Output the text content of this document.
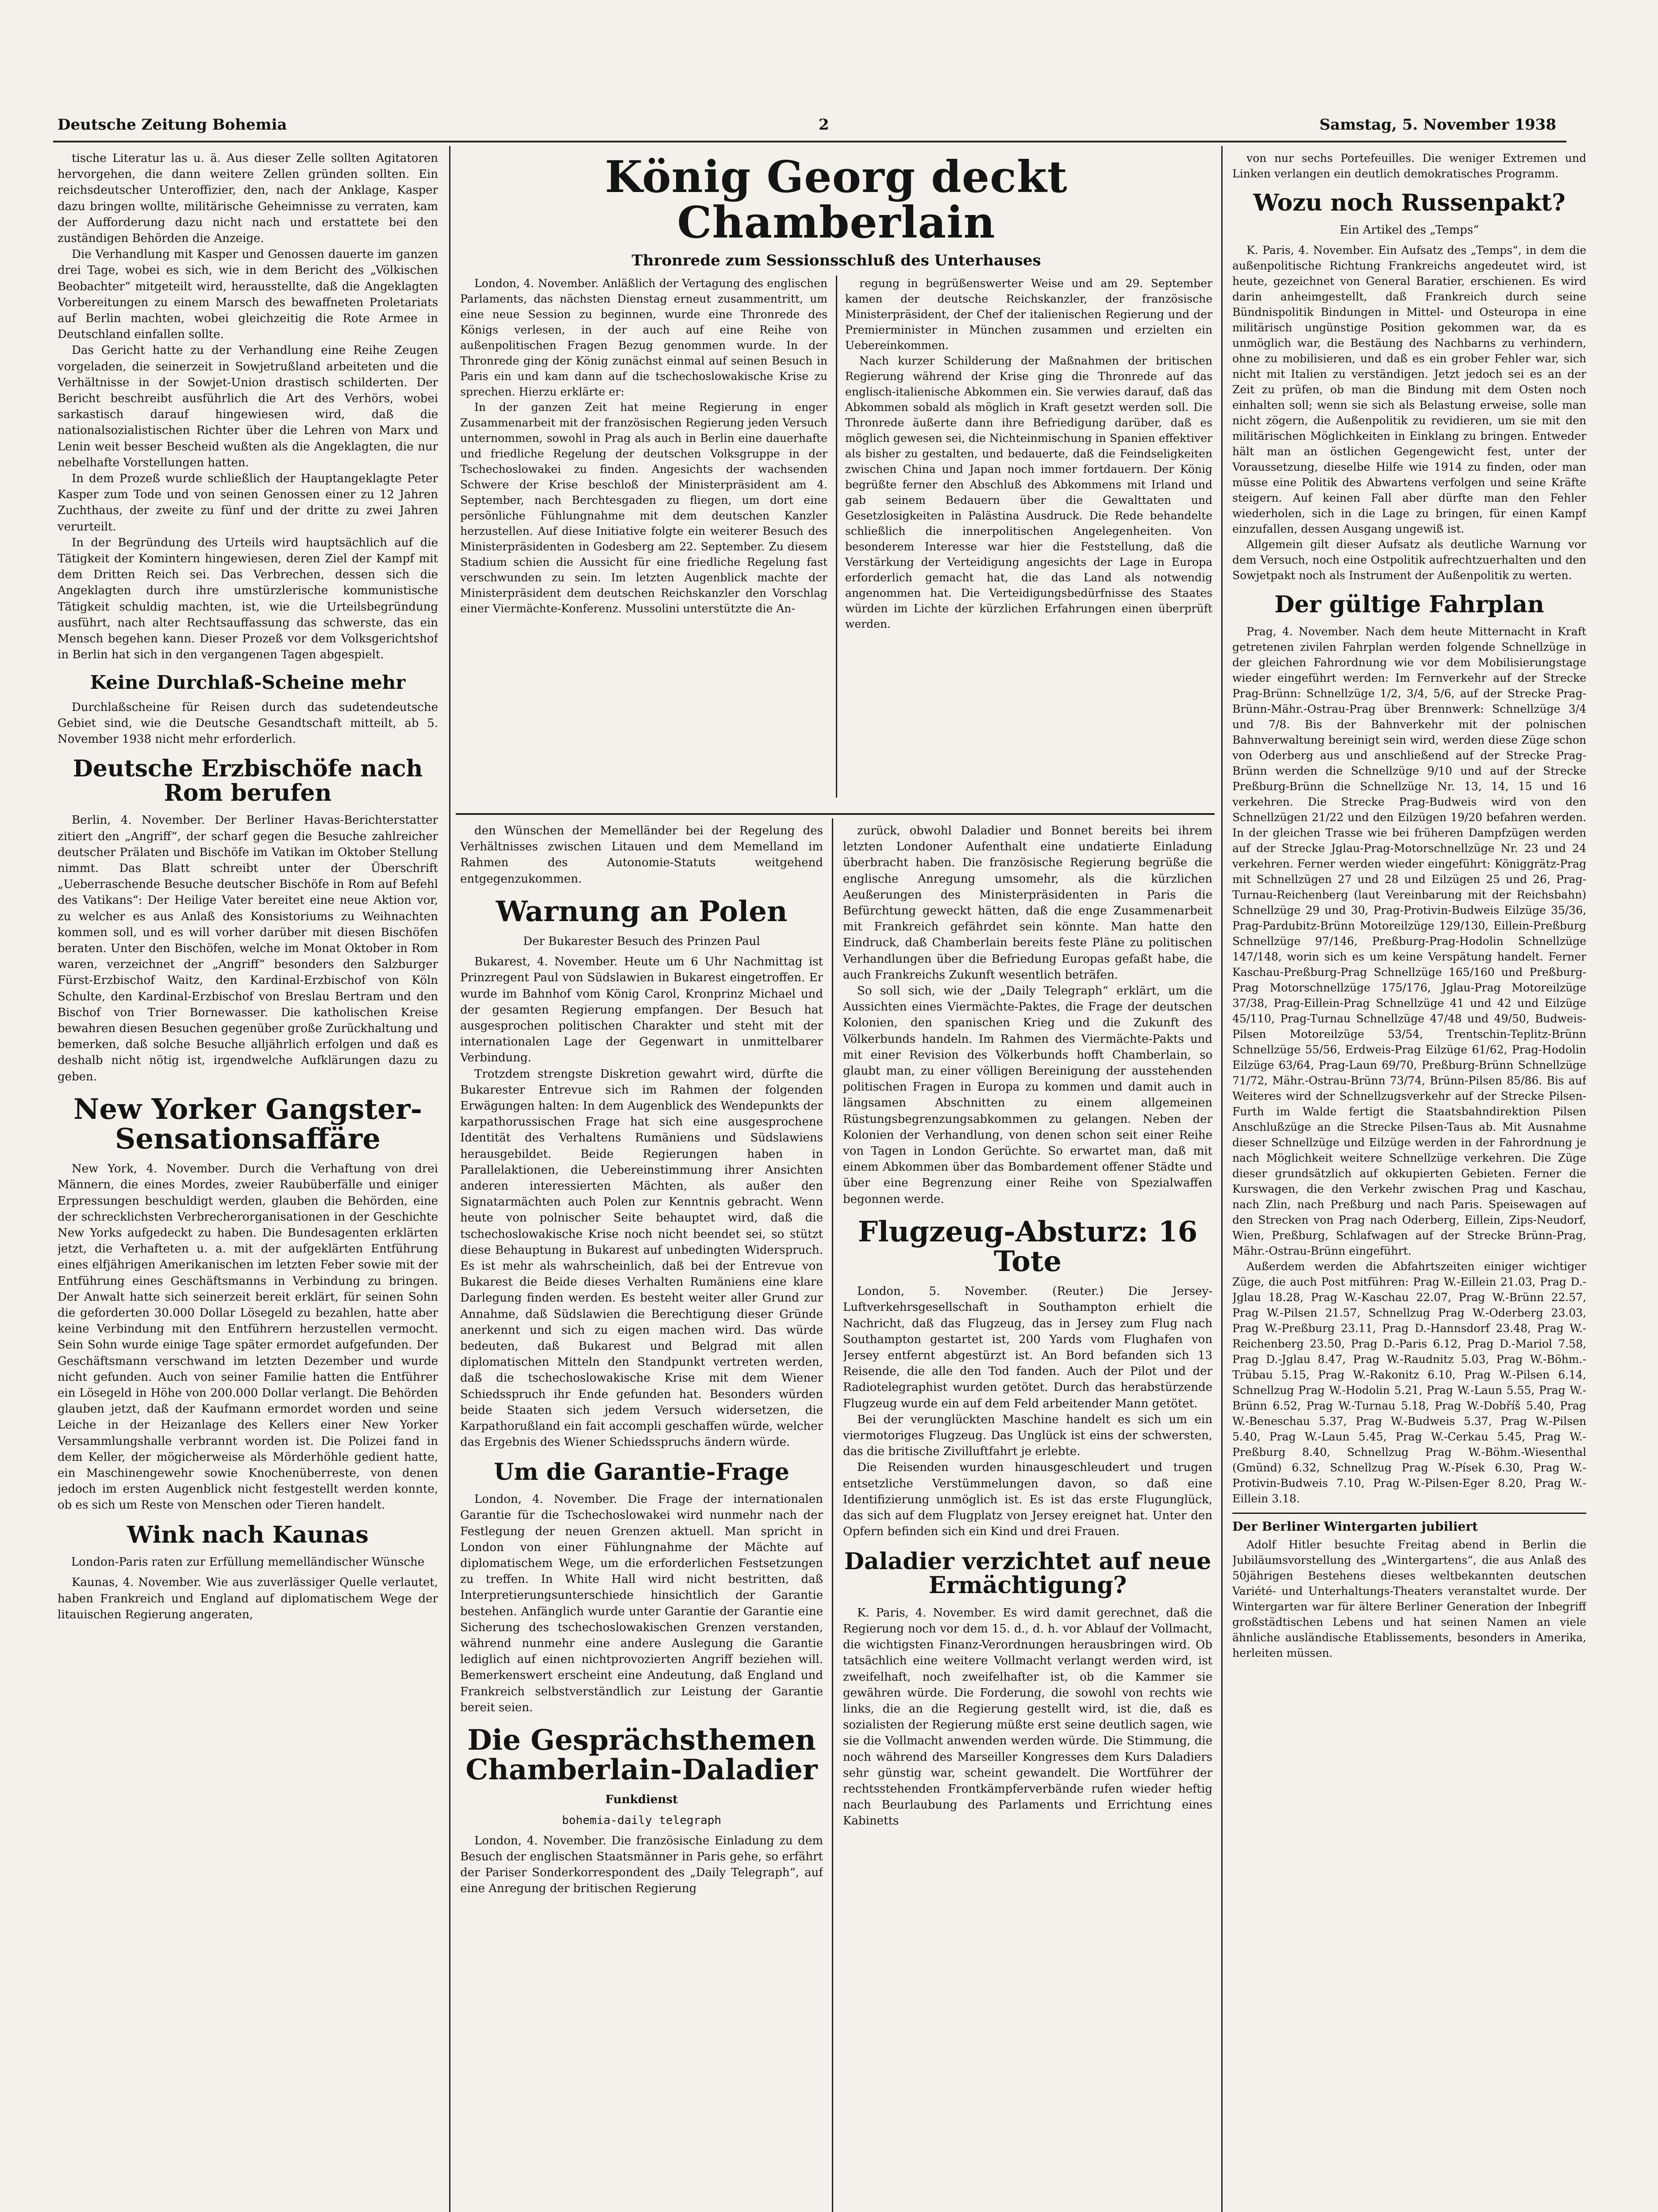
Deutsche Zeitung Bohemia	2	Samstag, 5. November 1938

tische Literatur las u. ä. Aus dieser Zelle sollten Agitatoren hervorgehen, die dann weitere Zellen gründen sollten. Ein reichsdeutscher Unteroffizier, den, nach der Anklage, Kasper dazu bringen wollte, militärische Geheimnisse zu verraten, kam der Aufforderung dazu nicht nach und erstattete bei den zuständigen Behörden die Anzeige.

Die Verhandlung mit Kasper und Genossen dauerte im ganzen drei Tage, wobei es sich, wie in dem Bericht des „Völkischen Beobachter“ mitgeteilt wird, herausstellte, daß die Angeklagten Vorbereitungen zu einem Marsch des bewaffneten Proletariats auf Berlin machten, wobei gleichzeitig die Rote Armee in Deutschland einfallen sollte.

Das Gericht hatte zu der Verhandlung eine Reihe Zeugen vorgeladen, die seinerzeit in Sowjetrußland arbeiteten und die Verhältnisse in der Sowjet-Union drastisch schilderten. Der Bericht beschreibt ausführlich die Art des Verhörs, wobei sarkastisch darauf hingewiesen wird, daß die nationalsozialistischen Richter über die Lehren von Marx und Lenin weit besser Bescheid wußten als die Angeklagten, die nur nebelhafte Vorstellungen hatten.

In dem Prozeß wurde schließlich der Hauptangeklagte Peter Kasper zum Tode und von seinen Genossen einer zu 12 Jahren Zuchthaus, der zweite zu fünf und der dritte zu zwei Jahren verurteilt.

In der Begründung des Urteils wird hauptsächlich auf die Tätigkeit der Komintern hingewiesen, deren Ziel der Kampf mit dem Dritten Reich sei. Das Verbrechen, dessen sich die Angeklagten durch ihre umstürzlerische kommunistische Tätigkeit schuldig machten, ist, wie die Urteilsbegründung ausführt, nach alter Rechtsauffassung das schwerste, das ein Mensch begehen kann. Dieser Prozeß vor dem Volksgerichtshof in Berlin hat sich in den vergangenen Tagen abgespielt.

Keine Durchlaß-Scheine mehr

Durchlaßscheine für Reisen durch das sudetendeutsche Gebiet sind, wie die Deutsche Gesandtschaft mitteilt, ab 5. November 1938 nicht mehr erforderlich.

Deutsche Erzbischöfe nach Rom berufen

Berlin, 4. November. Der Berliner Havas-Berichterstatter zitiert den „Angriff“, der scharf gegen die Besuche zahlreicher deutscher Prälaten und Bischöfe im Vatikan im Oktober Stellung nimmt. Das Blatt schreibt unter der Überschrift „Ueberraschende Besuche deutscher Bischöfe in Rom auf Befehl des Vatikans“: Der Heilige Vater bereitet eine neue Aktion vor, zu welcher es aus Anlaß des Konsistoriums zu Weihnachten kommen soll, und es will vorher darüber mit diesen Bischöfen beraten. Unter den Bischöfen, welche im Monat Oktober in Rom waren, verzeichnet der „Angriff“ besonders den Salzburger Fürst-Erzbischof Waitz, den Kardinal-Erzbischof von Köln Schulte, den Kardinal-Erzbischof von Breslau Bertram und den Bischof von Trier Bornewasser. Die katholischen Kreise bewahren diesen Besuchen gegenüber große Zurückhaltung und bemerken, daß solche Besuche alljährlich erfolgen und daß es deshalb nicht nötig ist, irgendwelche Aufklärungen dazu zu geben.

New Yorker Gangster-Sensationsaffäre

New York, 4. November. Durch die Verhaftung von drei Männern, die eines Mordes, zweier Raubüberfälle und einiger Erpressungen beschuldigt werden, glauben die Behörden, eine der schrecklichsten Verbrecherorganisationen in der Geschichte New Yorks aufgedeckt zu haben. Die Bundesagenten erklärten jetzt, die Verhafteten u. a. mit der aufgeklärten Entführung eines elfjährigen Amerikanischen im letzten Feber sowie mit der Entführung eines Geschäftsmanns in Verbindung zu bringen. Der Anwalt hatte sich seinerzeit bereit erklärt, für seinen Sohn die geforderten 30.000 Dollar Lösegeld zu bezahlen, hatte aber keine Verbindung mit den Entführern herzustellen vermocht. Sein Sohn wurde einige Tage später ermordet aufgefunden. Der Geschäftsmann verschwand im letzten Dezember und wurde nicht gefunden. Auch von seiner Familie hatten die Entführer ein Lösegeld in Höhe von 200.000 Dollar verlangt. Die Behörden glauben jetzt, daß der Kaufmann ermordet worden und seine Leiche in der Heizanlage des Kellers einer New Yorker Versammlungshalle verbrannt worden ist. Die Polizei fand in dem Keller, der mögicherweise als Mörderhöhle gedient hatte, ein Maschinengewehr sowie Knochenüberreste, von denen jedoch im ersten Augenblick nicht festgestellt werden konnte, ob es sich um Reste von Menschen oder Tieren handelt.

Wink nach Kaunas
London-Paris raten zur Erfüllung memelländischer Wünsche

Kaunas, 4. November. Wie aus zuverlässiger Quelle verlautet, haben Frankreich und England auf diplomatischem Wege der litauischen Regierung angeraten,

König Georg deckt Chamberlain
Thronrede zum Sessionsschluß des Unterhauses

London, 4. November. Anläßlich der Vertagung des englischen Parlaments, das nächsten Dienstag erneut zusammentritt, um eine neue Session zu beginnen, wurde eine Thronrede des Königs verlesen, in der auch auf eine Reihe von außenpolitischen Fragen Bezug genommen wurde. In der Thronrede ging der König zunächst einmal auf seinen Besuch in Paris ein und kam dann auf die tschechoslowakische Krise zu sprechen. Hierzu erklärte er:

In der ganzen Zeit hat meine Regierung in enger Zusammenarbeit mit der französischen Regierung jeden Versuch unternommen, sowohl in Prag als auch in Berlin eine dauerhafte und friedliche Regelung der deutschen Volksgruppe in der Tschechoslowakei zu finden. Angesichts der wachsenden Schwere der Krise beschloß der Ministerpräsident am 4. September, nach Berchtesgaden zu fliegen, um dort eine persönliche Fühlungnahme mit dem deutschen Kanzler herzustellen. Auf diese Initiative folgte ein weiterer Besuch des Ministerpräsidenten in Godesberg am 22. September. Zu diesem Stadium schien die Aussicht für eine friedliche Regelung fast verschwunden zu sein. Im letzten Augenblick machte der Ministerpräsident dem deutschen Reichskanzler den Vorschlag einer Viermächte-Konferenz. Mussolini unterstützte die An-

regung in begrüßenswerter Weise und am 29. September kamen der deutsche Reichskanzler, der französische Ministerpräsident, der Chef der italienischen Regierung und der Premierminister in München zusammen und erzielten ein Uebereinkommen.

Nach kurzer Schilderung der Maßnahmen der britischen Regierung während der Krise ging die Thronrede auf das englisch-italienische Abkommen ein. Sie verwies darauf, daß das Abkommen sobald als möglich in Kraft gesetzt werden soll. Die Thronrede äußerte dann ihre Befriedigung darüber, daß es möglich gewesen sei, die Nichteinmischung in Spanien effektiver als bisher zu gestalten, und bedauerte, daß die Feindseligkeiten zwischen China und Japan noch immer fortdauern. Der König begrüßte ferner den Abschluß des Abkommens mit Irland und gab seinem Bedauern über die Gewalttaten und Gesetzlosigkeiten in Palästina Ausdruck. Die Rede behandelte schließlich die innerpolitischen Angelegenheiten. Von besonderem Interesse war hier die Feststellung, daß die Verstärkung der Verteidigung angesichts der Lage in Europa erforderlich gemacht hat, die das Land als notwendig angenommen hat. Die Verteidigungsbedürfnisse des Staates würden im Lichte der kürzlichen Erfahrungen einen überprüft werden.

den Wünschen der Memelländer bei der Regelung des Verhältnisses zwischen Litauen und dem Memelland im Rahmen des Autonomie-Statuts weitgehend entgegenzukommen.

Warnung an Polen
Der Bukarester Besuch des Prinzen Paul

Bukarest, 4. November. Heute um 6 Uhr Nachmittag ist Prinzregent Paul von Südslawien in Bukarest eingetroffen. Er wurde im Bahnhof vom König Carol, Kronprinz Michael und der gesamten Regierung empfangen. Der Besuch hat ausgesprochen politischen Charakter und steht mit der internationalen Lage der Gegenwart in unmittelbarer Verbindung.

Trotzdem strengste Diskretion gewahrt wird, dürfte die Bukarester Entrevue sich im Rahmen der folgenden Erwägungen halten: In dem Augenblick des Wendepunkts der karpathorussischen Frage hat sich eine ausgesprochene Identität des Verhaltens Rumäniens und Südslawiens herausgebildet. Beide Regierungen haben in Parallelaktionen, die Uebereinstimmung ihrer Ansichten anderen interessierten Mächten, als außer den Signatarmächten auch Polen zur Kenntnis gebracht. Wenn heute von polnischer Seite behauptet wird, daß die tschechoslowakische Krise noch nicht beendet sei, so stützt diese Behauptung in Bukarest auf unbedingten Widerspruch. Es ist mehr als wahrscheinlich, daß bei der Entrevue von Bukarest die Beide dieses Verhalten Rumäniens eine klare Darlegung finden werden. Es besteht weiter aller Grund zur Annahme, daß Südslawien die Berechtigung dieser Gründe anerkennt und sich zu eigen machen wird. Das würde bedeuten, daß Bukarest und Belgrad mit allen diplomatischen Mitteln den Standpunkt vertreten werden, daß die tschechoslowakische Krise mit dem Wiener Schiedsspruch ihr Ende gefunden hat. Besonders würden beide Staaten sich jedem Versuch widersetzen, die Karpathorußland ein fait accompli geschaffen würde, welcher das Ergebnis des Wiener Schiedsspruchs ändern würde.

Um die Garantie-Frage

London, 4. November. Die Frage der internationalen Garantie für die Tschechoslowakei wird nunmehr nach der Festlegung der neuen Grenzen aktuell. Man spricht in London von einer Fühlungnahme der Mächte auf diplomatischem Wege, um die erforderlichen Festsetzungen zu treffen. In White Hall wird nicht bestritten, daß Interpretierungsunterschiede hinsichtlich der Garantie bestehen. Anfänglich wurde unter Garantie der Garantie eine Sicherung des tschechoslowakischen Grenzen verstanden, während nunmehr eine andere Auslegung die Garantie lediglich auf einen nichtprovozierten Angriff beziehen will. Bemerkenswert erscheint eine Andeutung, daß England und Frankreich selbstverständlich zur Leistung der Garantie bereit seien.

Die Gesprächsthemen Chamberlain-Daladier
Funkdienst
bohemia-daily telegraph

London, 4. November. Die französische Einladung zu dem Besuch der englischen Staatsmänner in Paris gehe, so erfährt der Pariser Sonderkorrespondent des „Daily Telegraph“, auf eine Anregung der britischen Regierung

zurück, obwohl Daladier und Bonnet bereits bei ihrem letzten Londoner Aufenthalt eine undatierte Einladung überbracht haben. Die französische Regierung begrüße die englische Anregung umsomehr, als die kürzlichen Aeußerungen des Ministerpräsidenten in Paris die Befürchtung geweckt hätten, daß die enge Zusammenarbeit mit Frankreich gefährdet sein könnte. Man hatte den Eindruck, daß Chamberlain bereits feste Pläne zu politischen Verhandlungen über die Befriedung Europas gefaßt habe, die auch Frankreichs Zukunft wesentlich beträfen.

So soll sich, wie der „Daily Telegraph“ erklärt, um die Aussichten eines Viermächte-Paktes, die Frage der deutschen Kolonien, den spanischen Krieg und die Zukunft des Völkerbunds handeln. Im Rahmen des Viermächte-Pakts und mit einer Revision des Völkerbunds hofft Chamberlain, so glaubt man, zu einer völligen Bereinigung der ausstehenden politischen Fragen in Europa zu kommen und damit auch in längsamen Abschnitten zu einem allgemeinen Rüstungsbegrenzungsabkommen zu gelangen. Neben der Kolonien der Verhandlung, von denen schon seit einer Reihe von Tagen in London Gerüchte. So erwartet man, daß mit einem Abkommen über das Bombardement offener Städte und über eine Begrenzung einer Reihe von Spezialwaffen begonnen werde.

Flugzeug-Absturz: 16 Tote

London, 5. November. (Reuter.) Die Jersey-Luftverkehrsgesellschaft in Southampton erhielt die Nachricht, daß das Flugzeug, das in Jersey zum Flug nach Southampton gestartet ist, 200 Yards vom Flughafen von Jersey entfernt abgestürzt ist. An Bord befanden sich 13 Reisende, die alle den Tod fanden. Auch der Pilot und der Radiotelegraphist wurden getötet. Durch das herabstürzende Flugzeug wurde ein auf dem Feld arbeitender Mann getötet.

Bei der verunglückten Maschine handelt es sich um ein viermotoriges Flugzeug. Das Unglück ist eins der schwersten, das die britische Zivilluftfahrt je erlebte.

Die Reisenden wurden hinausgeschleudert und trugen entsetzliche Verstümmelungen davon, so daß eine Identifizierung unmöglich ist. Es ist das erste Flugunglück, das sich auf dem Flugplatz von Jersey ereignet hat. Unter den Opfern befinden sich ein Kind und drei Frauen.

Daladier verzichtet auf neue Ermächtigung?

K. Paris, 4. November. Es wird damit gerechnet, daß die Regierung noch vor dem 15. d., d. h. vor Ablauf der Vollmacht, die wichtigsten Finanz-Verordnungen herausbringen wird. Ob tatsächlich eine weitere Vollmacht verlangt werden wird, ist zweifelhaft, noch zweifelhafter ist, ob die Kammer sie gewähren würde. Die Forderung, die sowohl von rechts wie links, die an die Regierung gestellt wird, ist die, daß es sozialisten der Regierung müßte erst seine deutlich sagen, wie sie die Vollmacht anwenden werden würde. Die Stimmung, die noch während des Marseiller Kongresses dem Kurs Daladiers sehr günstig war, scheint gewandelt. Die Wortführer der rechtsstehenden Frontkämpferverbände rufen wieder heftig nach Beurlaubung des Parlaments und Errichtung eines Kabinetts

von nur sechs Portefeuilles. Die weniger Extremen und Linken verlangen ein deutlich demokratisches Programm.

Wozu noch Russenpakt?
Ein Artikel des „Temps“

K. Paris, 4. November. Ein Aufsatz des „Temps“, in dem die außenpolitische Richtung Frankreichs angedeutet wird, ist heute, gezeichnet von General Baratier, erschienen. Es wird darin anheimgestellt, daß Frankreich durch seine Bündnispolitik Bindungen in Mittel- und Osteuropa in eine militärisch ungünstige Position gekommen war, da es unmöglich war, die Bestäung des Nachbarns zu verhindern, ohne zu mobilisieren, und daß es ein grober Fehler war, sich nicht mit Italien zu verständigen. Jetzt jedoch sei es an der Zeit zu prüfen, ob man die Bindung mit dem Osten noch einhalten soll; wenn sie sich als Belastung erweise, solle man nicht zögern, die Außenpolitik zu revidieren, um sie mit den militärischen Möglichkeiten in Einklang zu bringen. Entweder hält man an östlichen Gegengewicht fest, unter der Voraussetzung, dieselbe Hilfe wie 1914 zu finden, oder man müsse eine Politik des Abwartens verfolgen und seine Kräfte steigern. Auf keinen Fall aber dürfte man den Fehler wiederholen, sich in die Lage zu bringen, für einen Kampf einzufallen, dessen Ausgang ungewiß ist.

Allgemein gilt dieser Aufsatz als deutliche Warnung vor dem Versuch, noch eine Ostpolitik aufrechtzuerhalten und den Sowjetpakt noch als Instrument der Außenpolitik zu werten.

Der gültige Fahrplan

Prag, 4. November. Nach dem heute Mitternacht in Kraft getretenen zivilen Fahrplan werden folgende Schnellzüge in der gleichen Fahrordnung wie vor dem Mobilisierungstage wieder eingeführt werden: Im Fernverkehr auf der Strecke Prag-Brünn: Schnellzüge 1/2, 3/4, 5/6, auf der Strecke Prag-Brünn-Mähr.-Ostrau-Prag über Brennwerk: Schnellzüge 3/4 und 7/8. Bis der Bahnverkehr mit der polnischen Bahnverwaltung bereinigt sein wird, werden diese Züge schon von Oderberg aus und anschließend auf der Strecke Prag-Brünn werden die Schnellzüge 9/10 und auf der Strecke Preßburg-Brünn die Schnellzüge Nr. 13, 14, 15 und 16 verkehren. Die Strecke Prag-Budweis wird von den Schnellzügen 21/22 und den Eilzügen 19/20 befahren werden. In der gleichen Trasse wie bei früheren Dampfzügen werden auf der Strecke Jglau-Prag-Motorschnellzüge Nr. 23 und 24 verkehren. Ferner werden wieder eingeführt: Königgrätz-Prag mit Schnellzügen 27 und 28 und Eilzügen 25 und 26, Prag-Turnau-Reichenberg (laut Vereinbarung mit der Reichsbahn) Schnellzüge 29 und 30, Prag-Protivin-Budweis Eilzüge 35/36, Prag-Pardubitz-Brünn Motoreilzüge 129/130, Eillein-Preßburg Schnellzüge 97/146, Preßburg-Prag-Hodolin Schnellzüge 147/148, worin sich es um keine Verspätung handelt. Ferner Kaschau-Preßburg-Prag Schnellzüge 165/160 und Preßburg-Prag Motorschnellzüge 175/176, Jglau-Prag Motoreilzüge 37/38, Prag-Eillein-Prag Schnellzüge 41 und 42 und Eilzüge 45/110, Prag-Turnau Schnellzüge 47/48 und 49/50, Budweis-Pilsen Motoreilzüge 53/54, Trentschin-Teplitz-Brünn Schnellzüge 55/56, Erdweis-Prag Eilzüge 61/62, Prag-Hodolin Eilzüge 63/64, Prag-Laun 69/70, Preßburg-Brünn Schnellzüge 71/72, Mähr.-Ostrau-Brünn 73/74, Brünn-Pilsen 85/86. Bis auf Weiteres wird der Schnellzugsverkehr auf der Strecke Pilsen-Furth im Walde fertigt die Staatsbahndirektion Pilsen Anschlußzüge an die Strecke Pilsen-Taus ab. Mit Ausnahme dieser Schnellzüge und Eilzüge werden in der Fahrordnung je nach Möglichkeit weitere Schnellzüge verkehren. Die Züge dieser grundsätzlich auf okkupierten Gebieten. Ferner die Kurswagen, die den Verkehr zwischen Prag und Kaschau, nach Zlin, nach Preßburg und nach Paris. Speisewagen auf den Strecken von Prag nach Oderberg, Eillein, Zips-Neudorf, Wien, Preßburg, Schlafwagen auf der Strecke Brünn-Prag, Mähr.-Ostrau-Brünn eingeführt.

Außerdem werden die Abfahrtszeiten einiger wichtiger Züge, die auch Post mitführen: Prag W.-Eillein 21.03, Prag D.-Jglau 18.28, Prag W.-Kaschau 22.07, Prag W.-Brünn 22.57, Prag W.-Pilsen 21.57, Schnellzug Prag W.-Oderberg 23.03, Prag W.-Preßburg 23.11, Prag D.-Hannsdorf 23.48, Prag W.-Reichenberg 23.50, Prag D.-Paris 6.12, Prag D.-Mariol 7.58, Prag D.-Jglau 8.47, Prag W.-Raudnitz 5.03, Prag W.-Böhm.-Trübau 5.15, Prag W.-Rakonitz 6.10, Prag W.-Pilsen 6.14, Schnellzug Prag W.-Hodolin 5.21, Prag W.-Laun 5.55, Prag W.-Brünn 6.52, Prag W.-Turnau 5.18, Prag W.-Dobříš 5.40, Prag W.-Beneschau 5.37, Prag W.-Budweis 5.37, Prag W.-Pilsen 5.40, Prag W.-Laun 5.45, Prag W.-Cerkau 5.45, Prag W.-Preßburg 8.40, Schnellzug Prag W.-Böhm.-Wiesenthal (Gmünd) 6.32, Schnellzug Prag W.-Písek 6.30, Prag W.-Protivin-Budweis 7.10, Prag W.-Pilsen-Eger 8.20, Prag W.-Eillein 3.18.

Der Berliner Wintergarten jubiliert

Adolf Hitler besuchte Freitag abend in Berlin die Jubiläumsvorstellung des „Wintergartens“, die aus Anlaß des 50jährigen Bestehens dieses weltbekannten deutschen Variété- und Unterhaltungs-Theaters veranstaltet wurde. Der Wintergarten war für ältere Berliner Generation der Inbegriff großstädtischen Lebens und hat seinen Namen an viele ähnliche ausländische Etablissements, besonders in Amerika, herleiten müssen.
